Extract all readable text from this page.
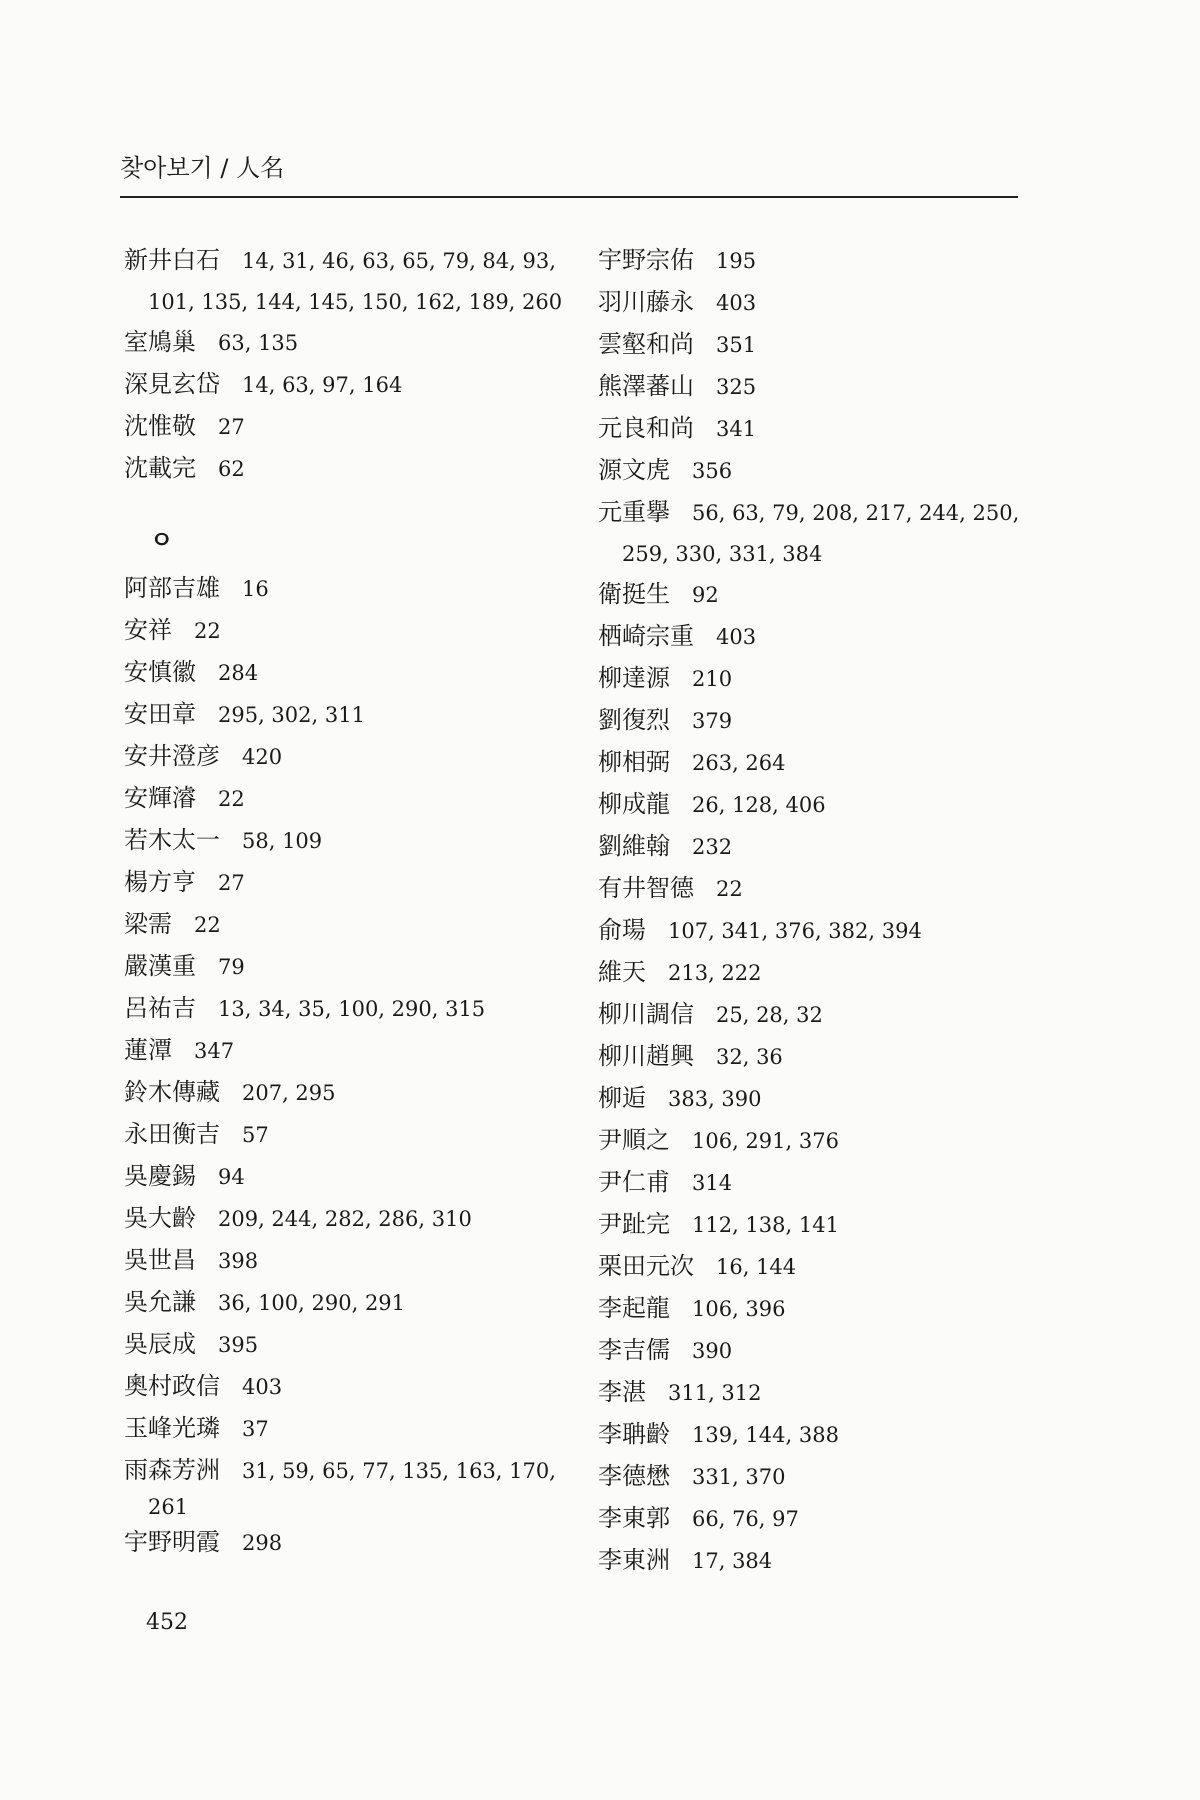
찾아보기 / 人名
新井白石 14, 31, 46, 63, 65, 79, 84, 93,
101, 135, 144, 145, 150, 162, 189, 260
室鳩巢 63, 135
深見玄岱 14, 63, 97, 164
沈惟敬 27
沈載完 62
ㅇ
阿部吉雄 16
安祥 22
安慎徽 284
安田章 295, 302, 311
安井澄彦 420
安輝濬 22
若木太一 58, 109
楊方亨 27
梁需 22
嚴漢重 79
呂祐吉 13, 34, 35, 100, 290, 315
蓮潭 347
鈴木傳藏 207, 295
永田衡吉 57
吳慶錫 94
吳大齡 209, 244, 282, 286, 310
吳世昌 398
吳允謙 36, 100, 290, 291
吳辰成 395
奧村政信 403
玉峰光璘 37
雨森芳洲 31, 59, 65, 77, 135, 163, 170,
261
宇野明霞 298
宇野宗佑 195
羽川藤永 403
雲壑和尚 351
熊澤蕃山 325
元良和尚 341
源文虎 356
元重擧 56, 63, 79, 208, 217, 244, 250,
259, 330, 331, 384
衛挺生 92
栖崎宗重 403
柳達源 210
劉復烈 379
柳相弼 263, 264
柳成龍 26, 128, 406
劉維翰 232
有井智德 22
俞瑒 107, 341, 376, 382, 394
維天 213, 222
柳川調信 25, 28, 32
柳川趙興 32, 36
柳逅 383, 390
尹順之 106, 291, 376
尹仁甫 314
尹趾完 112, 138, 141
栗田元次 16, 144
李起龍 106, 396
李吉儒 390
李湛 311, 312
李聃齡 139, 144, 388
李德懋 331, 370
李東郭 66, 76, 97
李東洲 17, 384
452
